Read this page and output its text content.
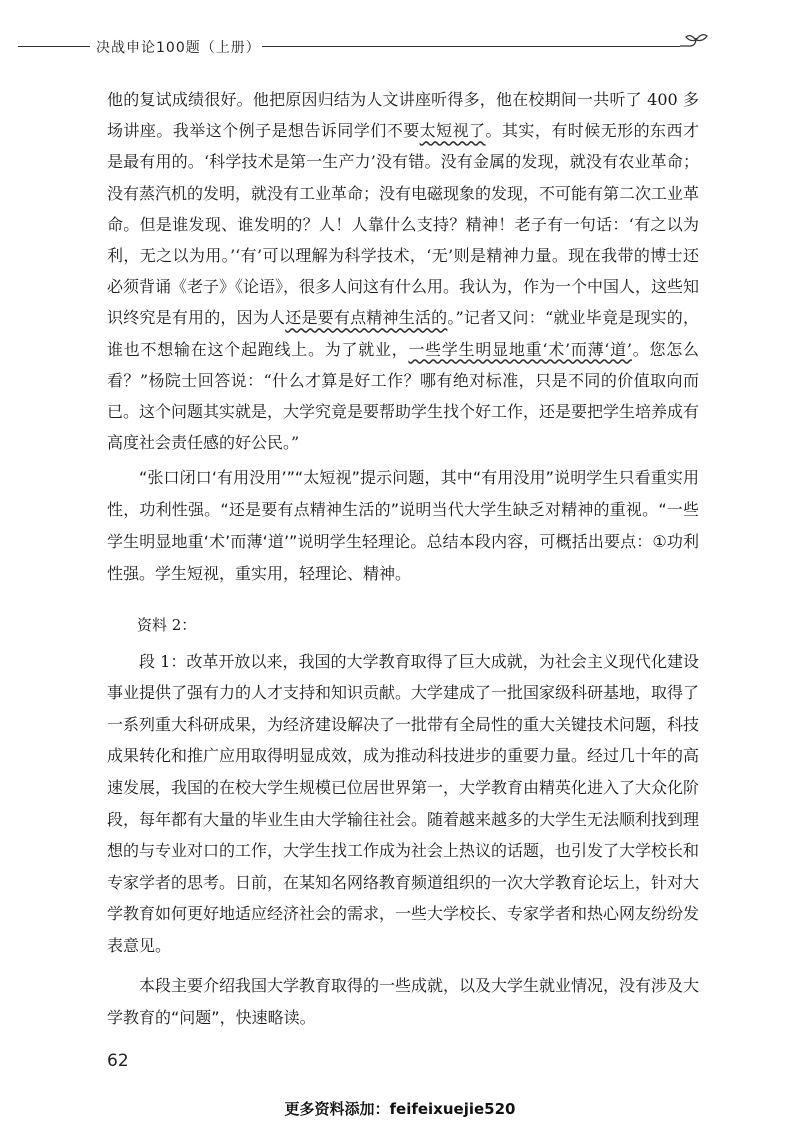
决战申论100题（上册）

他的复试成绩很好。他把原因归结为人文讲座听得多，他在校期间一共听了 400 多场讲座。我举这个例子是想告诉同学们不要太短视了。其实，有时候无形的东西才是最有用的。‘科学技术是第一生产力’没有错。没有金属的发现，就没有农业革命；没有蒸汽机的发明，就没有工业革命；没有电磁现象的发现，不可能有第二次工业革命。但是谁发现、谁发明的？人！人靠什么支持？精神！老子有一句话：‘有之以为利，无之以为用。’‘有’可以理解为科学技术，‘无’则是精神力量。现在我带的博士还必须背诵《老子》《论语》，很多人问这有什么用。我认为，作为一个中国人，这些知识终究是有用的，因为人还是要有点精神生活的。”记者又问：“就业毕竟是现实的，谁也不想输在这个起跑线上。为了就业，一些学生明显地重‘术’而薄‘道’。您怎么看？”杨院士回答说：“什么才算是好工作？哪有绝对标准，只是不同的价值取向而已。这个问题其实就是，大学究竟是要帮助学生找个好工作，还是要把学生培养成有高度社会责任感的好公民。”

“张口闭口‘有用没用’”“太短视”提示问题，其中“有用没用”说明学生只看重实用性，功利性强。“还是要有点精神生活的”说明当代大学生缺乏对精神的重视。“一些学生明显地重‘术’而薄‘道’”说明学生轻理论。总结本段内容，可概括出要点：①功利性强。学生短视，重实用，轻理论、精神。

资料 2：

段 1：改革开放以来，我国的大学教育取得了巨大成就，为社会主义现代化建设事业提供了强有力的人才支持和知识贡献。大学建成了一批国家级科研基地，取得了一系列重大科研成果，为经济建设解决了一批带有全局性的重大关键技术问题，科技成果转化和推广应用取得明显成效，成为推动科技进步的重要力量。经过几十年的高速发展，我国的在校大学生规模已位居世界第一，大学教育由精英化进入了大众化阶段，每年都有大量的毕业生由大学输往社会。随着越来越多的大学生无法顺利找到理想的与专业对口的工作，大学生找工作成为社会上热议的话题，也引发了大学校长和专家学者的思考。日前，在某知名网络教育频道组织的一次大学教育论坛上，针对大学教育如何更好地适应经济社会的需求，一些大学校长、专家学者和热心网友纷纷发表意见。

本段主要介绍我国大学教育取得的一些成就，以及大学生就业情况，没有涉及大学教育的“问题”，快速略读。

62
更多资料添加：feifeixuejie520
